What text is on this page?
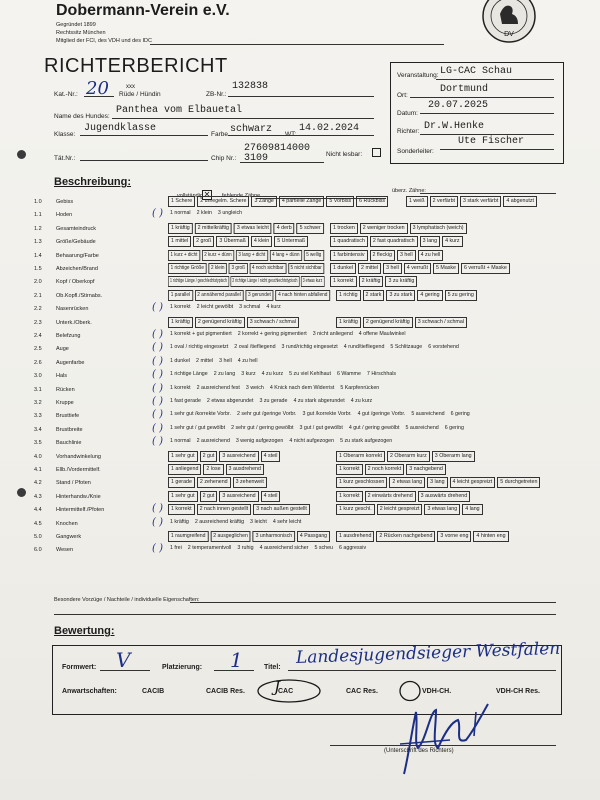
Dobermann-Verein e.V.
Gegründet 1899
Rechtssitz München
Mitglied der FCI, des VDH und des IDC
DV
RICHTERBERICHT	Veranstaltung: LG-CAC Schau
Ort:
Dortmund
Datum:
20.07.2025
Richter: Dr.W.Henke
Sonderleiter:
Ute Fischer
Kat.-Nr.: 20	xxx
Rüde / Hündin	ZB-Nr.:
132838
Name des Hundes:
Panthea vom Elbauetal
Klasse:
Jugendklasse
Farbe schwarz WT:
14.02.2024
Tät.Nr.:	Chip Nr.:
27609814000
3109	Nicht lesbar:
Beschreibung:
vollständig ✕	fehlende Zähne
überz. Zähne:
1.0	Gebiss	1 Schere 2 unregelm. Schere 3 Zange 4 partielle Zange 5 Vorbiss 6 Rückbiss	1 weiß 2 verfärbt 3 stark verfärbt 4 abgenutzt
1.1	Hoden	( )	1 normal 2 klein 3 ungleich
1.2	Gesamteindruck	1 kräftig 2 mittelkräftig 3 etwas leicht 4 derb 5 schwer	1 trocken 2 weniger trocken 3 lymphatisch (weich)
1.3	Größe/Gebäude	1 mittel 2 groß 3 Übermaß 4 klein 5 Untermaß	1 quadratisch 2 fast quadratisch 3 lang 4 kurz
1.4	Behaarung/Farbe	1 kurz + dicht 2 kurz + dünn 3 lang + dicht 4 lang + dünn 5 wellig	1 farbintensiv 2 fleckig 3 hell 4 zu hell
1.5	Abzeichen/Brand	1 richtige Größe 2 klein 3 groß 4 noch sichtbar 5 nicht sichtbar	1 dunkel 2 mittel 3 hell 4 verrußt 5 Maske 6 verrußt + Maske
2.0	Kopf / Oberkopf	1 richtige Länge / geschlechtstypisch 2 richtige Länge / nicht geschlechtstypisch 3 etwas kurz	1 korrekt 2 kräftig 3 zu kräftig
2.1	Ob.Kopfl./Stirnabs.	1 parallel 2 annähernd parallel 3 gerundet 4 nach hinten abfallend	1 richtig 2 stark 3 zu stark 4 gering 5 zu gering
2.2	Nasenrücken	( )	1 korrekt 2 leicht gewölbt 3 schmal 4 kurz
2.3	Unterk./Oberk.	1 kräftig 2 genügend kräftig 3 schwach / schmal	1 kräftig 2 genügend kräftig 3 schwach / schmal
2.4	Belefzung	( )	1 korrekt + gut pigmentiert 2 korrekt + gering pigmentiert 3 nicht anliegend 4 offene Maulwinkel
2.5	Auge	( )	1 oval / richtig eingesetzt 2 oval /tiefliegend 3 rund/richtig eingesetzt 4 rund/tiefliegend 5 Schlitzauge 6 vorstehend
2.6	Augenfarbe	( )	1 dunkel 2 mittel 3 hell 4 zu hell
3.0	Hals	( )	1 richtige Länge 2 zu lang 3 kurz 4 zu kurz 5 zu viel Kehlhaut 6 Wamme 7 Hirschhals
3.1	Rücken	( )	1 korrekt 2 ausreichend fest 3 weich 4 Knick nach dem Widerrist 5 Karpfenrücken
3.2	Kruppe	( )	1 fast gerade 2 etwas abgerundet 3 zu gerade 4 zu stark abgerundet 4 zu kurz
3.3	Brusttiefe	( )	1 sehr gut /korrekte Vorbr. 2 sehr gut /geringe Vorbr. 3 gut /korrekte Vorbr. 4 gut /geringe Vorbr. 5 ausreichend 6 gering
3.4	Brustbreite	( )	1 sehr gut / gut gewölbt 2 sehr gut / gering gewölbt 3 gut / gut gewölbt 4 gut / gering gewölbt 5 ausreichend 6 gering
3.5	Bauchlinie	( )	1 normal 2 ausreichend 3 wenig aufgezogen 4 nicht aufgezogen 5 zu stark aufgezogen
4.0	Vorhandwinkelung	1 sehr gut 2 gut 3 ausreichend 4 steil	1 Oberarm korrekt 2 Oberarm kurz 3 Oberarm lang
4.1	Ellb./Vordermittelf.	1 anliegend 2 lose 3 ausdrehend	1 korrekt 2 noch korrekt 3 nachgebend
4.2	Stand / Pfoten	1 gerade 2 zehenend 3 zehenweit	1 kurz geschlossen 2 etwas lang 3 lang 4 leicht gespreizt 5 durchgetreten
4.3	Hinterhandw./Knie	1 sehr gut 2 gut 3 ausreichend 4 steil	1 korrekt 2 einwärts drehend 3 auswärts drehend
4.4	Hintermittelf./Pfoten	( )	1 korrekt 2 nach innen gestellt 3 nach außen gestellt	1 kurz geschl. 2 leicht gespreizt 3 etwas lang 4 lang
4.5	Knochen	( )	1 kräftig 2 ausreichend kräftig 3 leicht 4 sehr leicht
5.0	Gangwerk	1 raumgreifend 2 ausgeglichen 3 unharmonisch 4 Passgang	1 ausdrehend 2 Rücken nachgebend 3 vorne eng 4 hinten eng
6.0	Wesen	( )	1 frei 2 temperamentvoll 3 ruhig 4 ausreichend sicher 5 scheu 6 aggressiv
Besondere Vorzüge / Nachteile / individuelle Eigenschaften:
Bewertung:
Formwert: V	Platzierung: 1	Titel: Landesjugendsieger Westfalen
Anwartschaften:	CACIB	CACIB Res.	CAC	CAC Res.	VDH-CH.	VDH-CH Res.
J
(Unterschrift des Richters)
